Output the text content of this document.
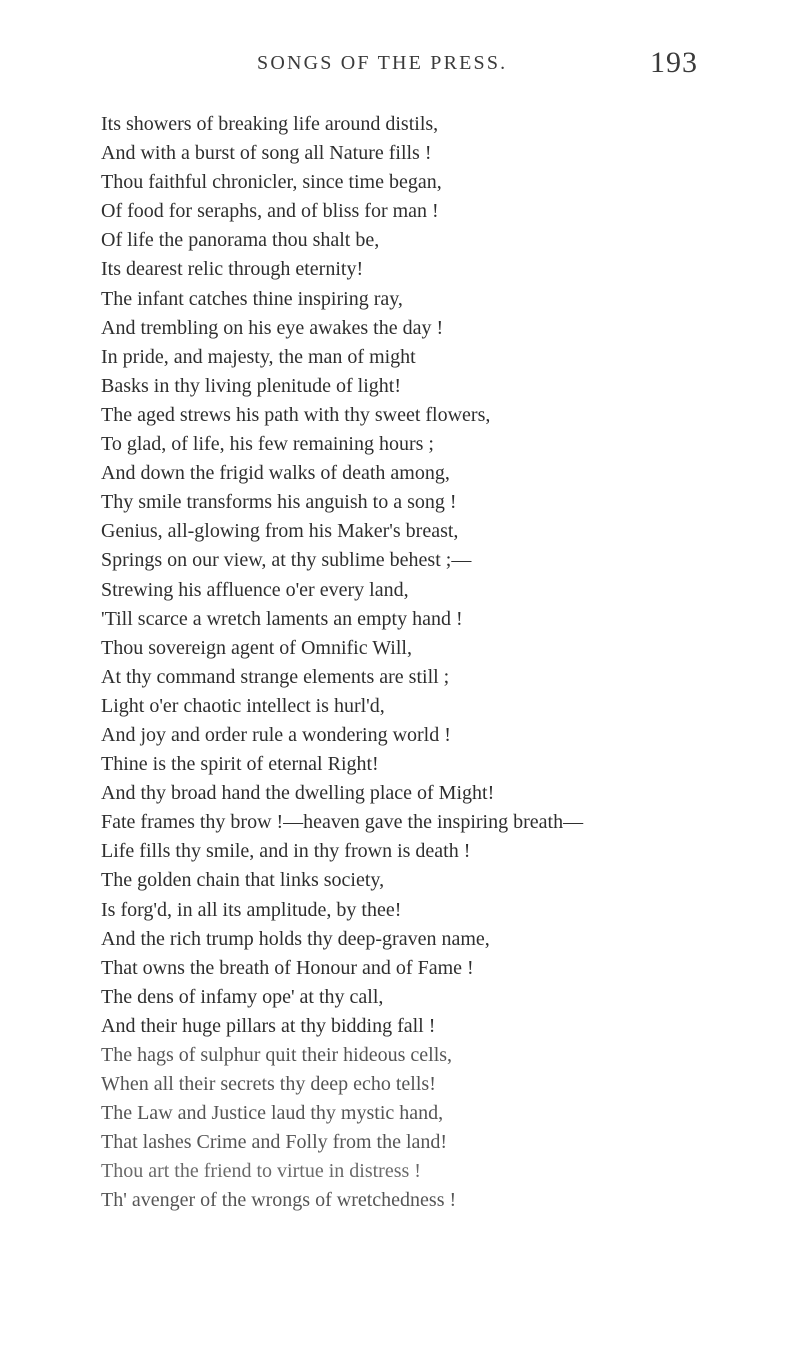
SONGS OF THE PRESS.	193
Its showers of breaking life around distils,
And with a burst of song all Nature fills !
Thou faithful chronicler, since time began,
Of food for seraphs, and of bliss for man !
Of life the panorama thou shalt be,
Its dearest relic through eternity!
The infant catches thine inspiring ray,
And trembling on his eye awakes the day !
In pride, and majesty, the man of might
Basks in thy living plenitude of light!
The aged strews his path with thy sweet flowers,
To glad, of life, his few remaining hours ;
And down the frigid walks of death among,
Thy smile transforms his anguish to a song !
Genius, all-glowing from his Maker's breast,
Springs on our view, at thy sublime behest ;—
Strewing his affluence o'er every land,
'Till scarce a wretch laments an empty hand !
Thou sovereign agent of Omnific Will,
At thy command strange elements are still ;
Light o'er chaotic intellect is hurl'd,
And joy and order rule a wondering world !
Thine is the spirit of eternal Right!
And thy broad hand the dwelling place of Might!
Fate frames thy brow !—heaven gave the inspiring breath—
Life fills thy smile, and in thy frown is death !
The golden chain that links society,
Is forg'd, in all its amplitude, by thee!
And the rich trump holds thy deep-graven name,
That owns the breath of Honour and of Fame !
The dens of infamy ope' at thy call,
And their huge pillars at thy bidding fall !
The hags of sulphur quit their hideous cells,
When all their secrets thy deep echo tells!
The Law and Justice laud thy mystic hand,
That lashes Crime and Folly from the land!
Thou art the friend to virtue in distress !
Th' avenger of the wrongs of wretchedness !
